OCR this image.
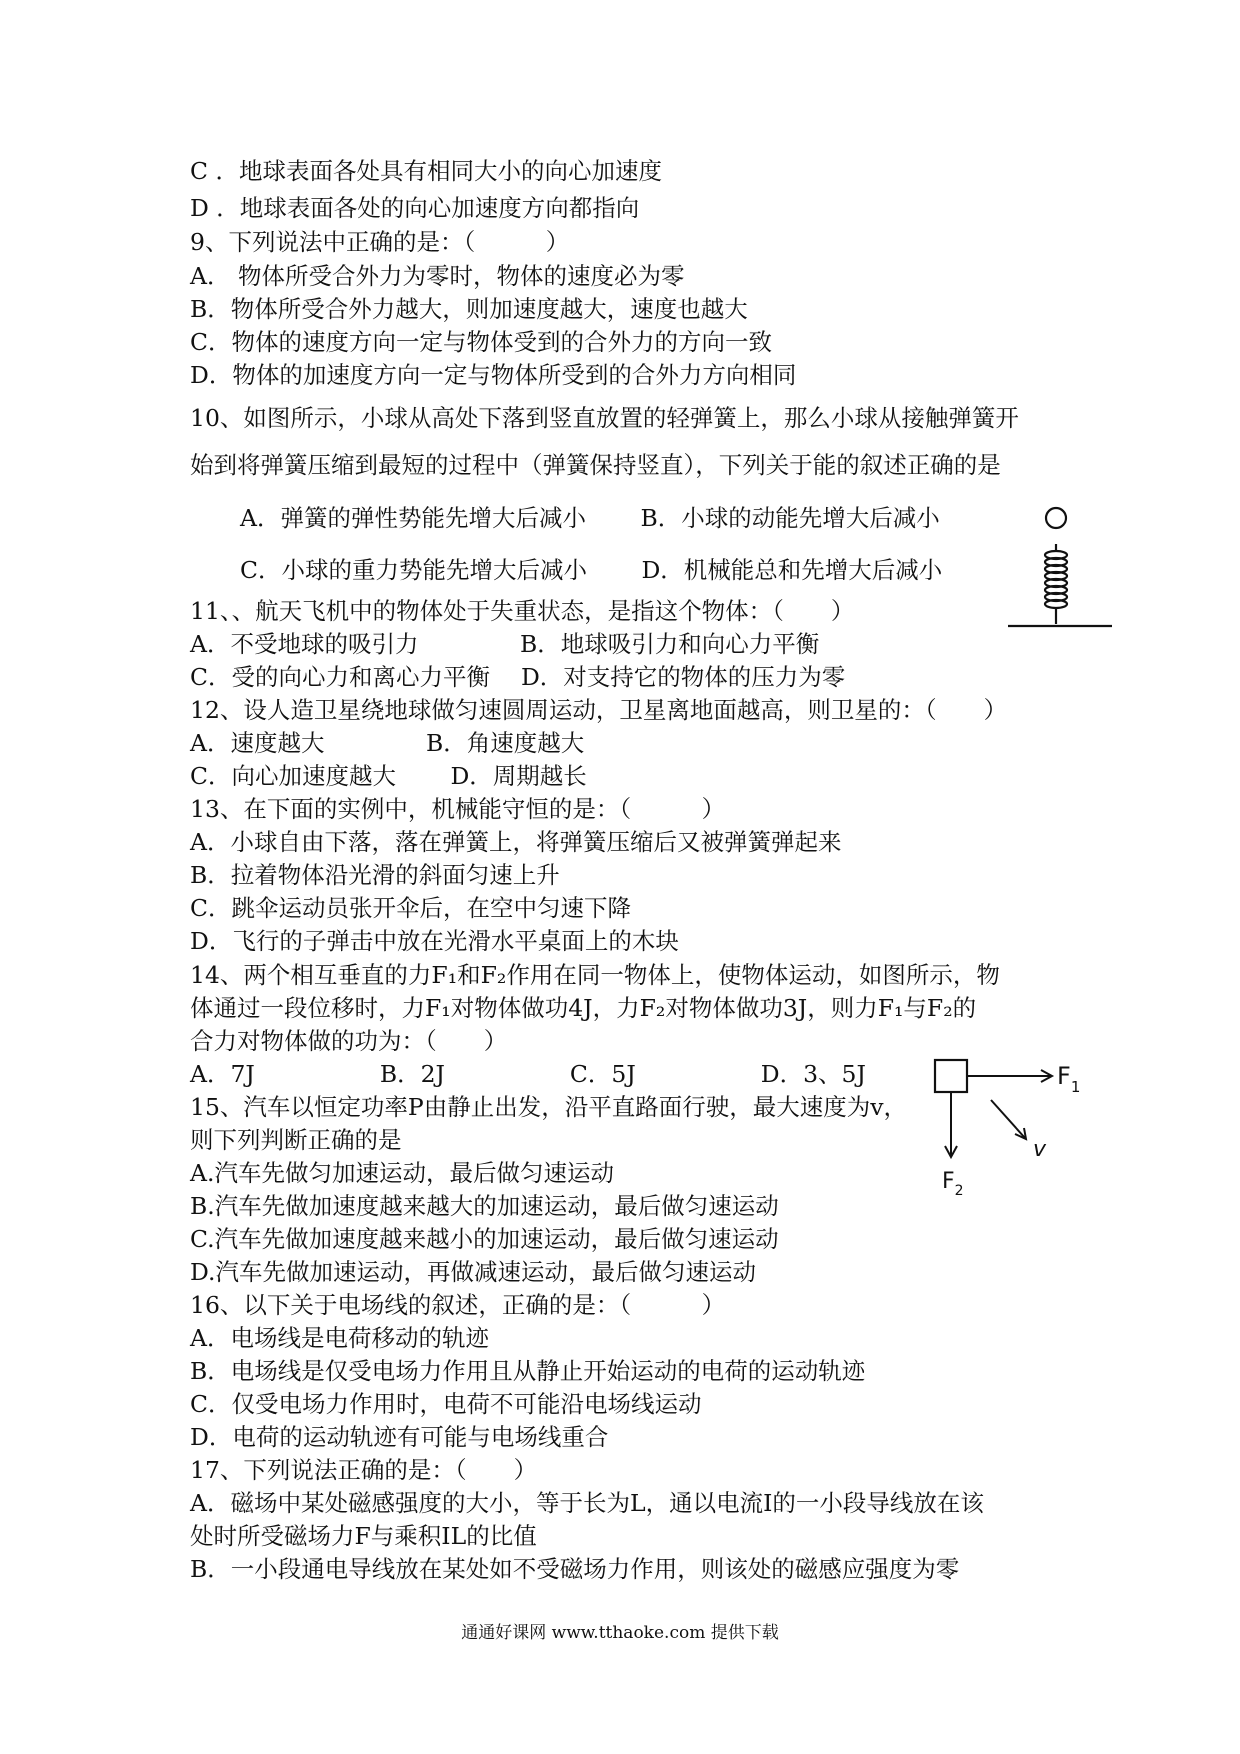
C ．地球表面各处具有相同大小的向心加速度
D ．地球表面各处的向心加速度方向都指向
9、下列说法中正确的是：（　　　）
A． 物体所受合外力为零时，物体的速度必为零
B．物体所受合外力越大，则加速度越大，速度也越大
C．物体的速度方向一定与物体受到的合外力的方向一致
D．物体的加速度方向一定与物体所受到的合外力方向相同
10、如图所示，小球从高处下落到竖直放置的轻弹簧上，那么小球从接触弹簧开
始到将弹簧压缩到最短的过程中（弹簧保持竖直），下列关于能的叙述正确的是
A．弹簧的弹性势能先增大后减小　　 B．小球的动能先增大后减小
C．小球的重力势能先增大后减小　　 D．机械能总和先增大后减小
11、、航天飞机中的物体处于失重状态，是指这个物体：（　　）
A．不受地球的吸引力　　　　 B．地球吸引力和向心力平衡
C．受的向心力和离心力平衡　 D．对支持它的物体的压力为零
12、设人造卫星绕地球做匀速圆周运动，卫星离地面越高，则卫星的：（　　）
A．速度越大　　　　 B．角速度越大
C．向心加速度越大　　 D．周期越长
13、在下面的实例中，机械能守恒的是：（　　　）
A．小球自由下落，落在弹簧上，将弹簧压缩后又被弹簧弹起来
B．拉着物体沿光滑的斜面匀速上升
C．跳伞运动员张开伞后，在空中匀速下降
D．飞行的子弹击中放在光滑水平桌面上的木块
14、两个相互垂直的力F₁和F₂作用在同一物体上，使物体运动，如图所示，物
体通过一段位移时，力F₁对物体做功4J，力F₂对物体做功3J，则力F₁与F₂的
合力对物体做的功为：（　　）
A．7J　　　　　 B．2J　　　　　 C．5J　　　　　 D．3、5J
15、汽车以恒定功率P由静止出发，沿平直路面行驶，最大速度为v，
则下列判断正确的是
A.汽车先做匀加速运动，最后做匀速运动
B.汽车先做加速度越来越大的加速运动，最后做匀速运动
C.汽车先做加速度越来越小的加速运动，最后做匀速运动
D.汽车先做加速运动，再做减速运动，最后做匀速运动
16、以下关于电场线的叙述，正确的是：（　　　）
A．电场线是电荷移动的轨迹
B．电场线是仅受电场力作用且从静止开始运动的电荷的运动轨迹
C．仅受电场力作用时，电荷不可能沿电场线运动
D．电荷的运动轨迹有可能与电场线重合
17、下列说法正确的是：（　　）
A．磁场中某处磁感强度的大小，等于长为L，通以电流I的一小段导线放在该
处时所受磁场力F与乘积IL的比值
B．一小段通电导线放在某处如不受磁场力作用，则该处的磁感应强度为零
$F_1$
$F_2$
v
通通好课网 www.tthaoke.com 提供下载
